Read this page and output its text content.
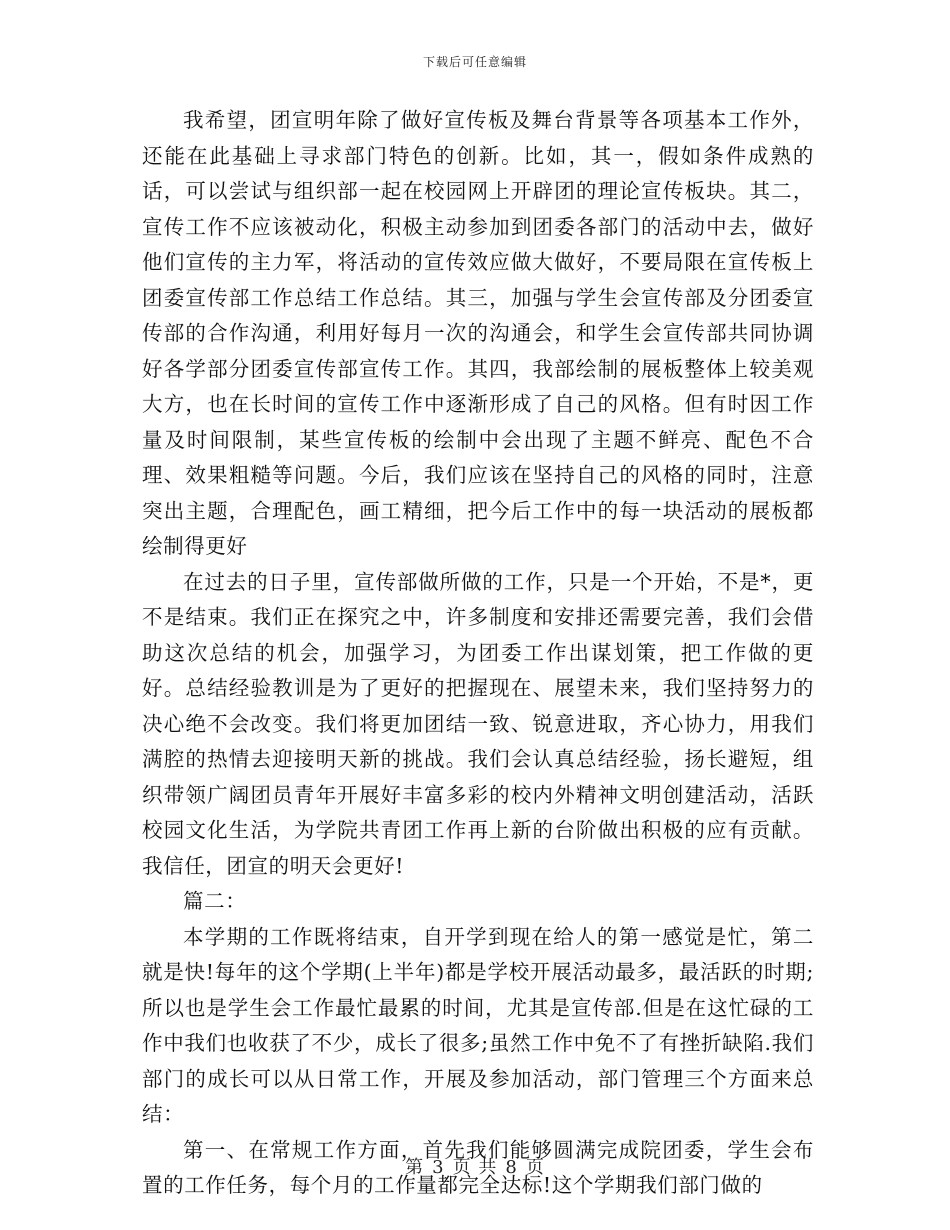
下载后可任意编辑

我希望，团宣明年除了做好宣传板及舞台背景等各项基本工作外，还能在此基础上寻求部门特色的创新。比如，其一，假如条件成熟的话，可以尝试与组织部一起在校园网上开辟团的理论宣传板块。其二，宣传工作不应该被动化，积极主动参加到团委各部门的活动中去，做好他们宣传的主力军，将活动的宣传效应做大做好，不要局限在宣传板上团委宣传部工作总结工作总结。其三，加强与学生会宣传部及分团委宣传部的合作沟通，利用好每月一次的沟通会，和学生会宣传部共同协调好各学部分团委宣传部宣传工作。其四，我部绘制的展板整体上较美观大方，也在长时间的宣传工作中逐渐形成了自己的风格。但有时因工作量及时间限制，某些宣传板的绘制中会出现了主题不鲜亮、配色不合理、效果粗糙等问题。今后，我们应该在坚持自己的风格的同时，注意突出主题，合理配色，画工精细，把今后工作中的每一块活动的展板都绘制得更好

在过去的日子里，宣传部做所做的工作，只是一个开始，不是*，更不是结束。我们正在探究之中，许多制度和安排还需要完善，我们会借助这次总结的机会，加强学习，为团委工作出谋划策，把工作做的更好。总结经验教训是为了更好的把握现在、展望未来，我们坚持努力的决心绝不会改变。我们将更加团结一致、锐意进取，齐心协力，用我们满腔的热情去迎接明天新的挑战。我们会认真总结经验，扬长避短，组织带领广阔团员青年开展好丰富多彩的校内外精神文明创建活动，活跃校园文化生活，为学院共青团工作再上新的台阶做出积极的应有贡献。我信任，团宣的明天会更好!

篇二：

本学期的工作既将结束，自开学到现在给人的第一感觉是忙，第二就是快!每年的这个学期(上半年)都是学校开展活动最多，最活跃的时期;所以也是学生会工作最忙最累的时间，尤其是宣传部.但是在这忙碌的工作中我们也收获了不少，成长了很多;虽然工作中免不了有挫折缺陷.我们部门的成长可以从日常工作，开展及参加活动，部门管理三个方面来总结：

第一、在常规工作方面，首先我们能够圆满完成院团委，学生会布置的工作任务，每个月的工作量都完全达标!这个学期我们部门做的

第 3 页 共 8 页
